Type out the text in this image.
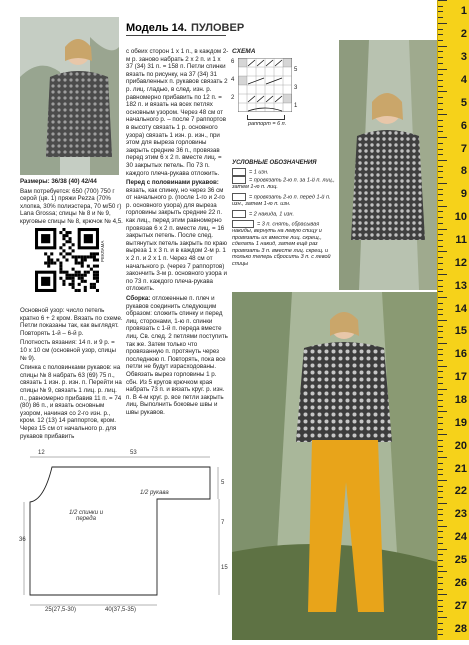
1
2
3
4
5
6
7
8
9
10
11
12
13
14
15
16
17
18
19
20
21
22
23
24
25
26
27
28
Модель 14. ПУЛОВЕР

Размеры: 36/38 (40) 42/44

Вам потребуется: 650 (700) 750 г серой (цв. 1) пряжи Pezza (70% хлопка, 30% полиэстера, 70 м/50 г) Lana Grossa; спицы № 8 и № 9, круговые спицы № 8, крючок № 4,5.

РЕКЛАМА

Основной узор: число петель кратно 6 + 2 кром. Вязать по схеме. Петли показаны так, как выглядят. Повторять 1-й – 6-й р.

Плотность вязания: 14 п. и 9 р. = 10 х 10 см (основной узор, спицы № 9).

Спинка с половинками рукавов: на спицы № 8 набрать 63 (69) 75 п., связать 1 изн. р. изн. п. Перейти на спицы № 9, связать 1 лиц. р. лиц. п., равномерно прибавив 11 п. = 74 (80) 86 п., и вязать основным узором, начиная со 2-го изн. р., кром. 12 (13) 14 раппортов, кром. Через 15 см от начального р. для рукавов прибавить

с обеих сторон 1 х 1 п., в каждом 2-м р. заново набрать 2 х 2 п. и 1 х 37 (34) 31 п. = 158 п. Петли спинки вязать по рисунку, на 37 (34) 31 прибавленных п. рукавов связать 2 р. лиц. гладью, в след. изн. р. равномерно прибавить по 12 п. = 182 п. и вязать на всех петлях основным узором. Через 48 см от начального р. – после 7 раппортов в высоту связать 1 р. основного узора) связать 1 изн. р. изн., при этом для выреза горловины закрыть средние 36 п., провязав перед этим 6 х 2 п. вместе лиц. = 30 закрытых петель. По 73 п. каждого плеча-рукава отложить.

Перед с половинами рукавов: вязать, как спинку, но через 36 см от начального р. (после 1-го и 2-го р. основного узора) для выреза горловины закрыть средние 22 п. как лиц., перед этим равномерно провязав 6 х 2 п. вместе лиц. = 16 закрытых петель. После след. вытянутых петель закрыть по краю выреза 1 х 3 п. и в каждом 2-м р. 1 х 2 п. и 2 х 1 п. Через 48 см от начального р. (через 7 раппортов) закончить 3-м р. основного узора и по 73 п. каждого плеча-рукава отложить.

Сборка: отложенные п. плеч и рукавов соединить следующим образом: сложить спинку и перед лиц. сторонами, 1-ю п. спинки провязать с 1-й п. переда вместе лиц. Св. след. 2 петлями поступить так же. Затем только что провязанную п. протянуть через последнюю п. Повторять, пока все петли не будут израсходованы. Обвязать вырез горловины 1 р. сбн. Из 5 кругов крючком края набрать 73 п. и вязать круг. р. изн. п. В 4-м круг. р. все петли закрыть лиц. Выполнить боковые швы и швы рукавов.

СХЕМА
6
4
2
5
3
1
раппорт = 6 п.
УСЛОВНЫЕ ОБОЗНАЧЕНИЯ
= 1 изн.
= провязать 2-ю п. за 1-й п. лиц., затем 1-ю п. лиц.
= провязать 2-ю п. перед 1-й п. изн., затем 1-ю п. изн.
= 2 накида, 1 изн.
= 3 п. снять, сбрасывая накиды, вернуть на левую спицу и провязать их вместе лиц. скрещ., сделать 1 накид, затем ещё раз провязать 3 п. вместе лиц. скрещ. и только теперь сбросить 3 п. с левой спицы
53
12
5
1/2 рукава
1/2 спинки и переда
36
7
15
25(27,5-30)	40(37,5-35)
